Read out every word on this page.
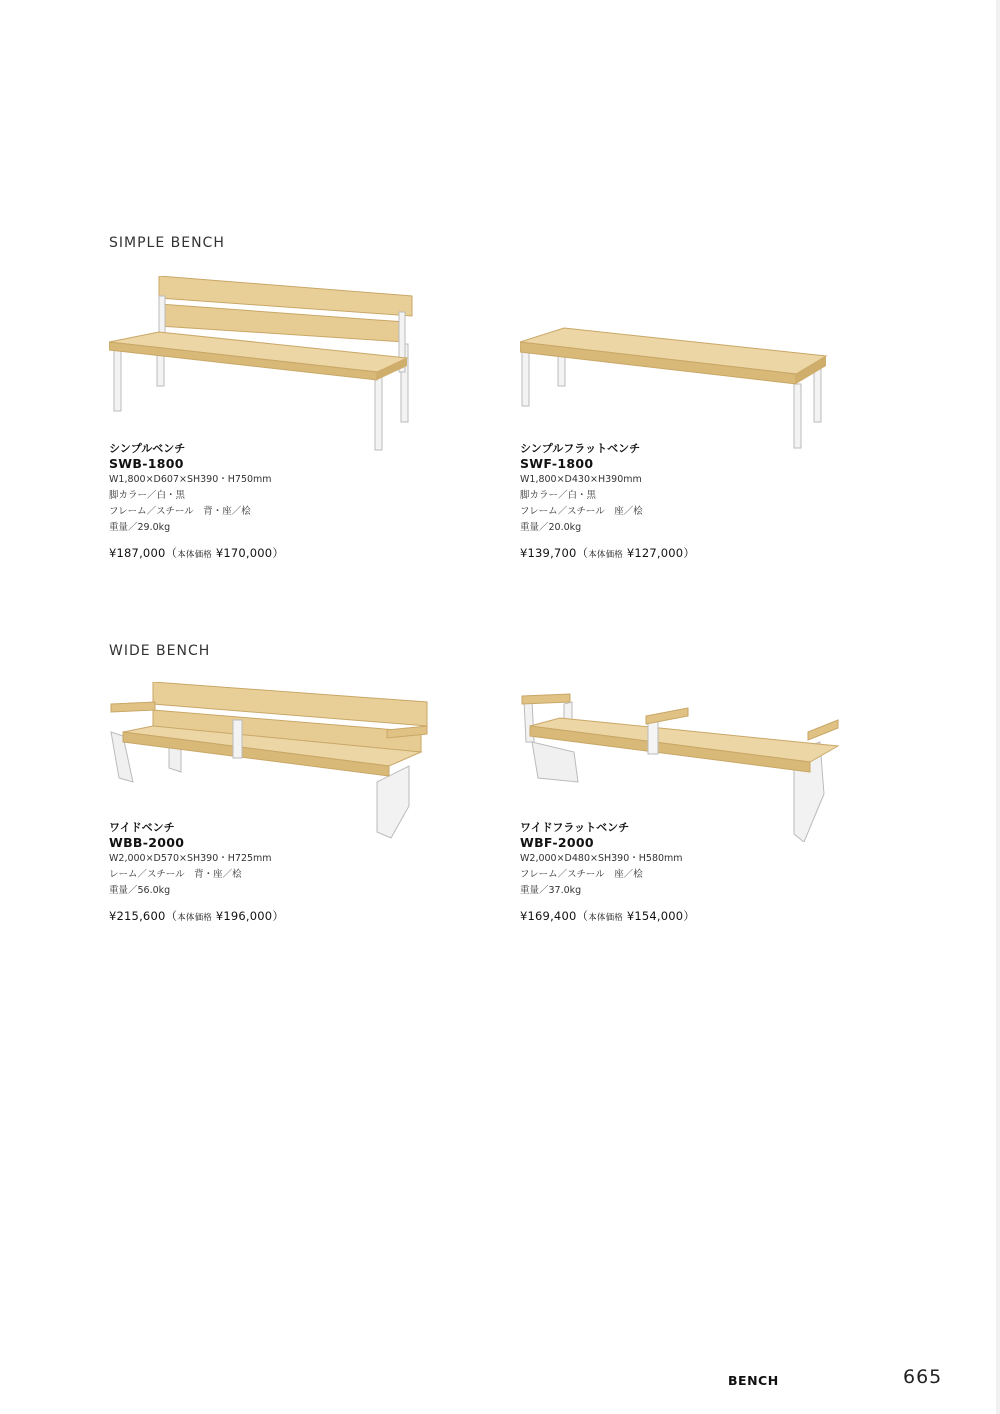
SIMPLE BENCH
WIDE BENCH
シンプルベンチ
SWB-1800
W1,800×D607×SH390・H750mm
脚カラー／白・黒
フレーム／スチール　背・座／桧
重量／29.0kg
¥187,000（本体価格 ¥170,000）
シンプルフラットベンチ
SWF-1800
W1,800×D430×H390mm
脚カラー／白・黒
フレーム／スチール　座／桧
重量／20.0kg
¥139,700（本体価格 ¥127,000）
ワイドベンチ
WBB-2000
W2,000×D570×SH390・H725mm
レーム／スチール　背・座／桧
重量／56.0kg
¥215,600（本体価格 ¥196,000）
ワイドフラットベンチ
WBF-2000
W2,000×D480×SH390・H580mm
フレーム／スチール　座／桧
重量／37.0kg
¥169,400（本体価格 ¥154,000）
BENCH	665
